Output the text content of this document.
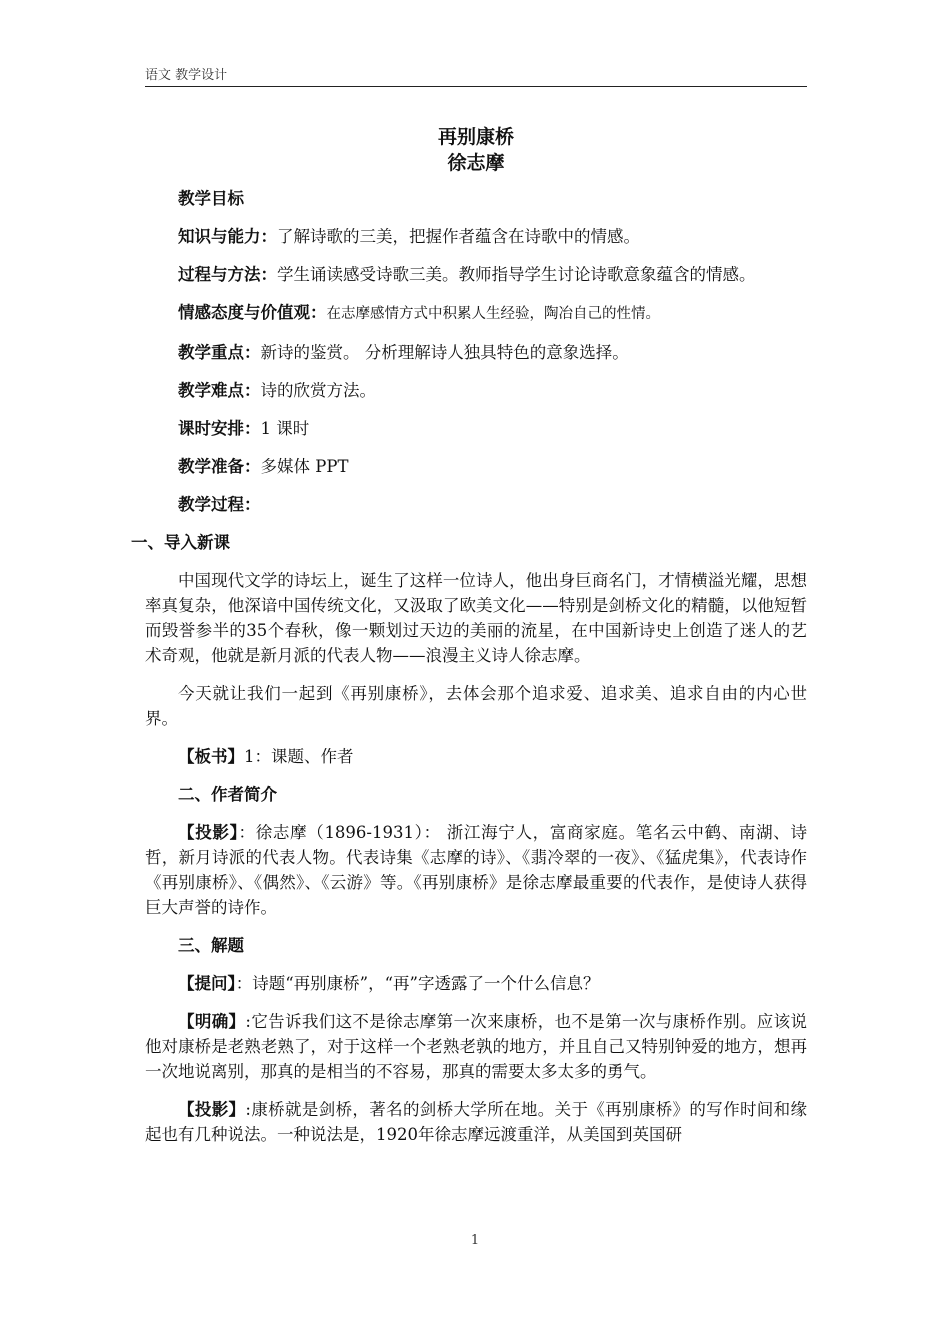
语文 教学设计
再别康桥
徐志摩

教学目标

知识与能力：了解诗歌的三美，把握作者蕴含在诗歌中的情感。

过程与方法：学生诵读感受诗歌三美。教师指导学生讨论诗歌意象蕴含的情感。

情感态度与价值观：在志摩感情方式中积累人生经验，陶冶自己的性情。

教学重点：新诗的鉴赏。 分析理解诗人独具特色的意象选择。

教学难点：诗的欣赏方法。

课时安排：1 课时

教学准备：多媒体 PPT

教学过程：

一、导入新课

中国现代文学的诗坛上，诞生了这样一位诗人，他出身巨商名门，才情横溢光耀，思想率真复杂，他深谙中国传统文化，又汲取了欧美文化——特别是剑桥文化的精髓，以他短暂而毁誉参半的35个春秋，像一颗划过天边的美丽的流星，在中国新诗史上创造了迷人的艺术奇观，他就是新月派的代表人物——浪漫主义诗人徐志摩。

今天就让我们一起到《再别康桥》，去体会那个追求爱、追求美、追求自由的内心世界。

【板书】1：课题、作者

二、作者简介

【投影】：徐志摩（1896-1931）： 浙江海宁人，富商家庭。笔名云中鹤、南湖、诗哲，新月诗派的代表人物。代表诗集《志摩的诗》、《翡冷翠的一夜》、《猛虎集》，代表诗作《再别康桥》、《偶然》、《云游》等。《再别康桥》是徐志摩最重要的代表作，是使诗人获得巨大声誉的诗作。

三、解题

【提问】：诗题“再别康桥”，“再”字透露了一个什么信息？

【明确】:它告诉我们这不是徐志摩第一次来康桥，也不是第一次与康桥作别。应该说他对康桥是老熟老熟了，对于这样一个老熟老孰的地方，并且自己又特别钟爱的地方，想再一次地说离别，那真的是相当的不容易，那真的需要太多太多的勇气。

【投影】:康桥就是剑桥，著名的剑桥大学所在地。关于《再别康桥》的写作时间和缘起也有几种说法。一种说法是，1920年徐志摩远渡重洋，从美国到英国研

1
